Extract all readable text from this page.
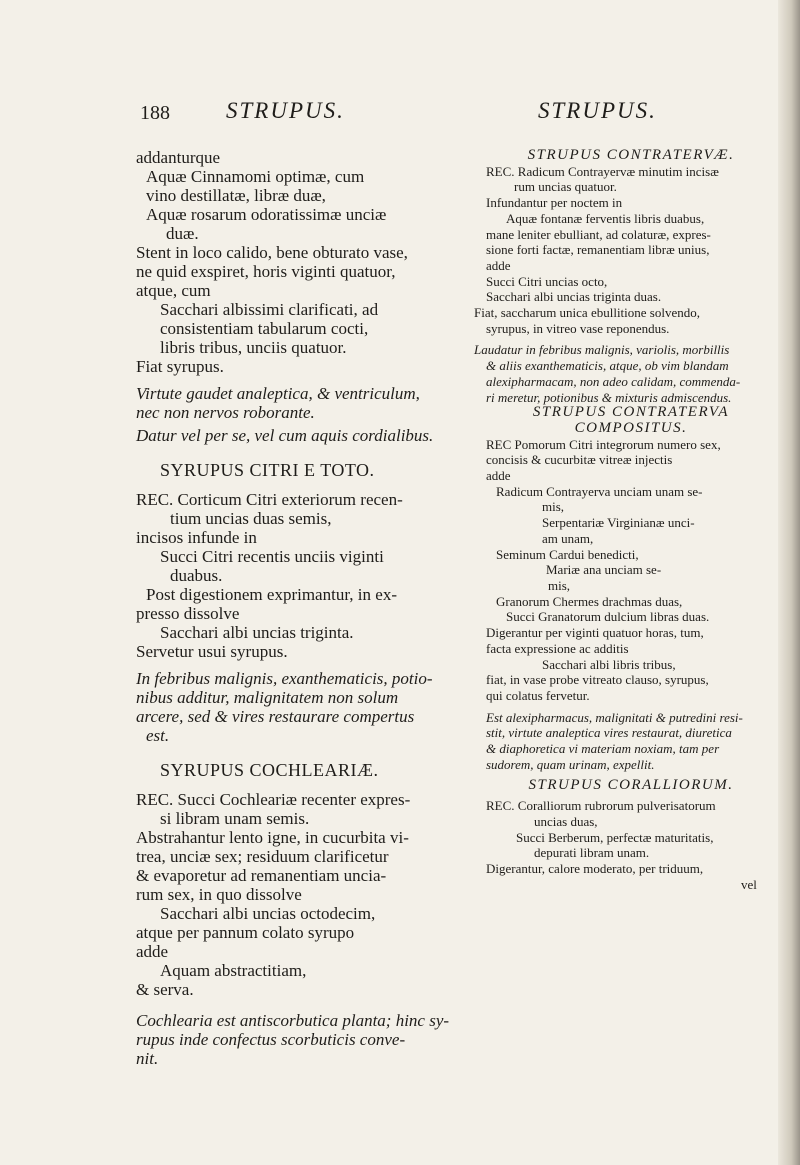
188 STRUPUS.	STRUPUS.
addanturque
Aquæ Cinnamomi optimæ, cum
vino destillatæ, libræ duæ,
Aquæ rosarum odoratissimæ unciæ
duæ.
Stent in loco calido, bene obturato vase,
ne quid exspiret, horis viginti quatuor,
atque, cum
Sacchari albissimi clarificati, ad
consistentiam tabularum cocti,
libris tribus, unciis quatuor.
Fiat syrupus.
Virtute gaudet analeptica, & ventriculum,
nec non nervos roborante.
Datur vel per se, vel cum aquis cordialibus.
SYRUPUS CITRI E TOTO.
REC. Corticum Citri exteriorum recen-
tium uncias duas semis,
incisos infunde in
Succi Citri recentis unciis viginti
duabus.
Post digestionem exprimantur, in ex-
presso dissolve
Sacchari albi uncias triginta.
Servetur usui syrupus.
In febribus malignis, exanthematicis, potio-
nibus additur, malignitatem non solum
arcere, sed & vires restaurare compertus
est.
SYRUPUS COCHLEARIÆ.
REC. Succi Cochleariæ recenter expres-
si libram unam semis.
Abstrahantur lento igne, in cucurbita vi-
trea, unciæ sex; residuum clarificetur
& evaporetur ad remanentiam uncia-
rum sex, in quo dissolve
Sacchari albi uncias octodecim,
atque per pannum colato syrupo
adde
Aquam abstractitiam,
& serva.
Cochlearia est antiscorbutica planta; hinc sy-
rupus inde confectus scorbuticis conve-
nit.
STRUPUS CONTRATERVÆ.
REC. Radicum Contrayervæ minutim incisæ
rum uncias quatuor.
Infundantur per noctem in
Aquæ fontanæ ferventis libris duabus,
mane leniter ebulliant, ad colaturæ, expres-
sione forti factæ, remanentiam libræ unius,
adde
Succi Citri uncias octo,
Sacchari albi uncias triginta duas.
Fiat, saccharum unica ebullitione solvendo,
syrupus, in vitreo vase reponendus.
Laudatur in febribus malignis, variolis, morbillis
& aliis exanthematicis, atque, ob vim blandam
alexipharmacam, non adeo calidam, commenda-
ri meretur, potionibus & mixturis admiscendus.
STRUPUS CONTRATERVA
COMPOSITUS.
REC Pomorum Citri integrorum numero sex,
concisis & cucurbitæ vitreæ injectis
adde
Radicum Contrayerva unciam unam se-
mis,
Serpentariæ Virginianæ unci-
am unam,
Seminum Cardui benedicti,
Mariæ ana unciam se-
mis,
Granorum Chermes drachmas duas,
Succi Granatorum dulcium libras duas.
Digerantur per viginti quatuor horas, tum,
facta expressione ac additis
Sacchari albi libris tribus,
fiat, in vase probe vitreato clauso, syrupus,
qui colatus fervetur.
Est alexipharmacus, malignitati & putredini resi-
stit, virtute analeptica vires restaurat, diuretica
& diaphoretica vi materiam noxiam, tam per
sudorem, quam urinam, expellit.
STRUPUS CORALLIORUM.
REC. Coralliorum rubrorum pulverisatorum
uncias duas,
Succi Berberum, perfectæ maturitatis,
depurati libram unam.
Digerantur, calore moderato, per triduum,
vel
